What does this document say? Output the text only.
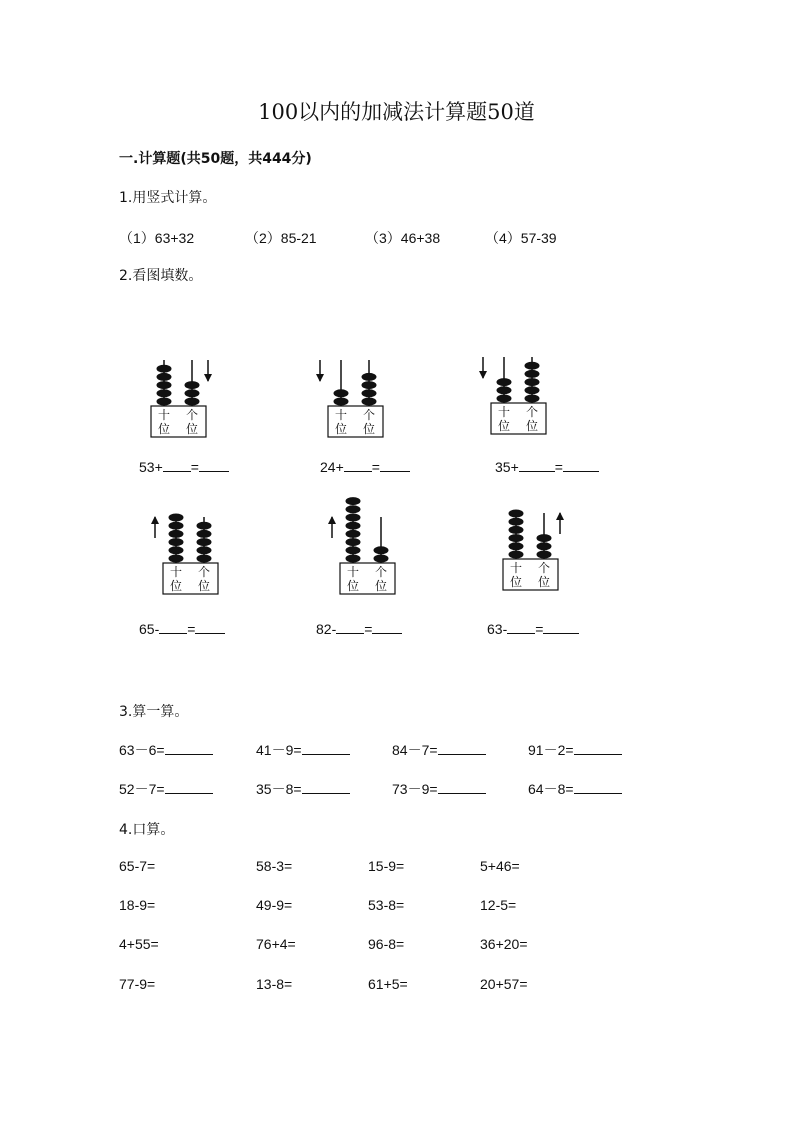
100以内的加减法计算题50道
一.计算题(共50题，共444分)
1.用竖式计算。
（1）63+32	（2）85-21	（3）46+38	（4）57-39
2.看图填数。
十
位
个
位
十
位
个
位
十
位
个
位
十
位
个
位
十
位
个
位
十
位
个
位
53+ =	24+ =	35+	=
65- =	82- =	63- =
3.算一算。
63－6=	41－9=	84－7=	91－2=
52－7=	35－8=	73－9=	64－8=
4.口算。
65-7=	58-3=	15-9=	5+46=
18-9=	49-9=	53-8=	12-5=
4+55=	76+4=	96-8=	36+20=
77-9=	13-8=	61+5=	20+57=
